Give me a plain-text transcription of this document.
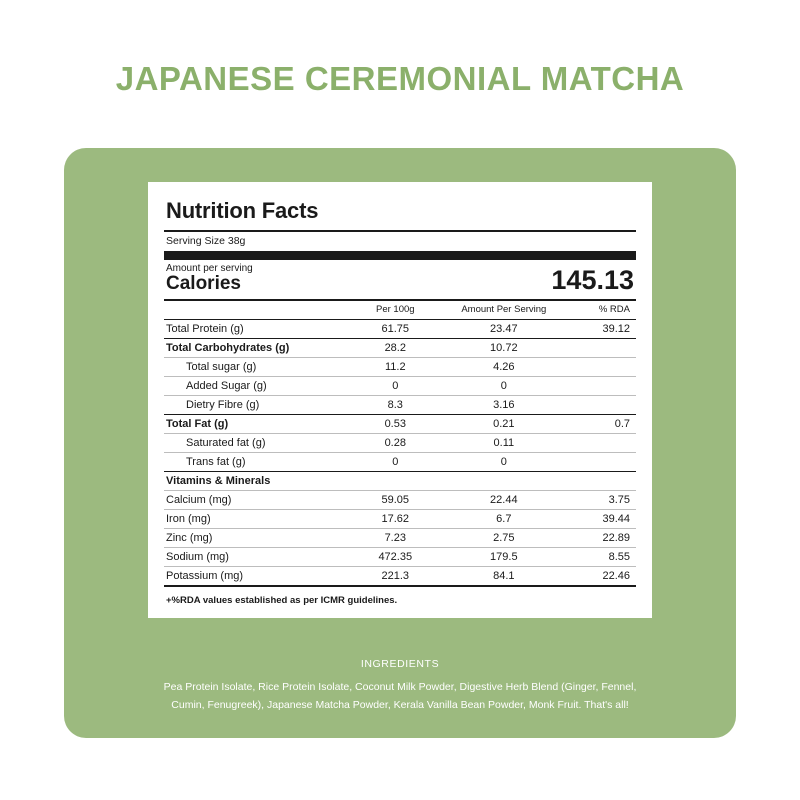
JAPANESE CEREMONIAL MATCHA
Nutrition Facts
Serving Size 38g
Amount per serving
Calories	145.13
	Per 100g	Amount Per Serving	% RDA
Total Protein (g)	61.75	23.47	39.12
Total Carbohydrates (g)	28.2	10.72	
Total sugar (g)	11.2	4.26	
Added Sugar (g)	0	0	
Dietry Fibre (g)	8.3	3.16	
Total Fat (g)	0.53	0.21	0.7
Saturated fat (g)	0.28	0.11	
Trans fat (g)	0	0	
Vitamins & Minerals			
Calcium (mg)	59.05	22.44	3.75
Iron (mg)	17.62	6.7	39.44
Zinc (mg)	7.23	2.75	22.89
Sodium (mg)	472.35	179.5	8.55
Potassium (mg)	221.3	84.1	22.46
+%RDA values established as per ICMR guidelines.
INGREDIENTS
Pea Protein Isolate, Rice Protein Isolate, Coconut Milk Powder, Digestive Herb Blend (Ginger, Fennel,
Cumin, Fenugreek), Japanese Matcha Powder, Kerala Vanilla Bean Powder, Monk Fruit. That's all!
